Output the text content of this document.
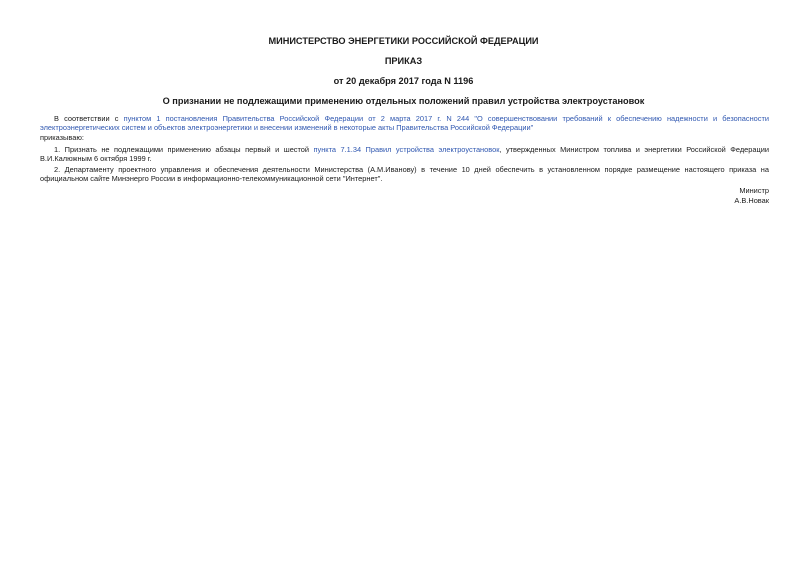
МИНИСТЕРСТВО ЭНЕРГЕТИКИ РОССИЙСКОЙ ФЕДЕРАЦИИ

ПРИКАЗ

от 20 декабря 2017 года N 1196

О признании не подлежащими применению отдельных положений правил устройства электроустановок

В соответствии с пунктом 1 постановления Правительства Российской Федерации от 2 марта 2017 г. N 244 "О совершенствовании требований к обеспечению надежности и безопасности электроэнергетических систем и объектов электроэнергетики и внесении изменений в некоторые акты Правительства Российской Федерации"

приказываю:

1. Признать не подлежащими применению абзацы первый и шестой пункта 7.1.34 Правил устройства электроустановок, утвержденных Министром топлива и энергетики Российской Федерации В.И.Калюжным 6 октября 1999 г.

2. Департаменту проектного управления и обеспечения деятельности Министерства (А.М.Иванову) в течение 10 дней обеспечить в установленном порядке размещение настоящего приказа на официальном сайте Минэнерго России в информационно-телекоммуникационной сети "Интернет".

Министр

А.В.Новак
